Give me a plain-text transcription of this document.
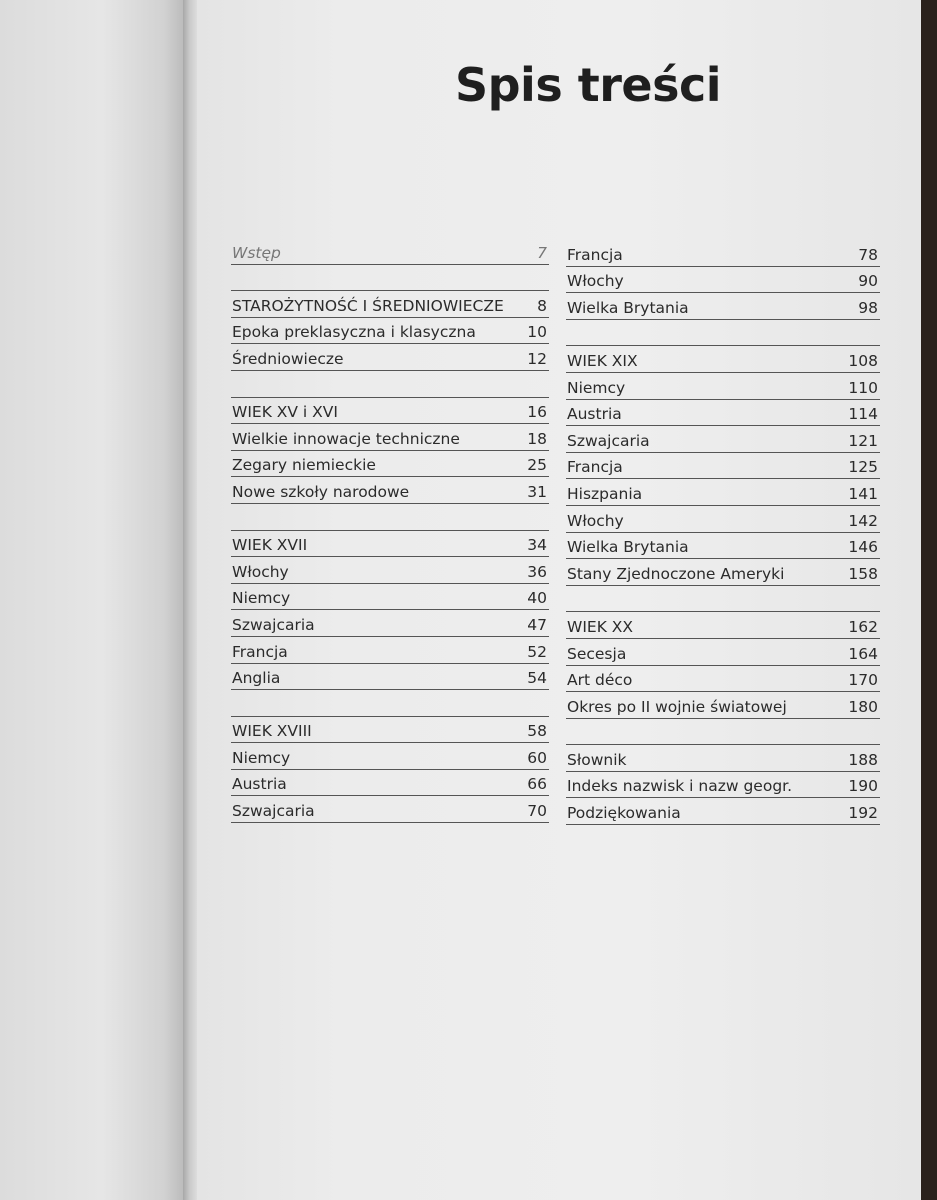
Spis treści
Wstęp	7
STAROŻYTNOŚĆ I ŚREDNIOWIECZE 8
Epoka preklasyczna i klasyczna	10
Średniowiecze	12
WIEK XV i XVI	16
Wielkie innowacje techniczne	18
Zegary niemieckie	25
Nowe szkoły narodowe	31
WIEK XVII	34
Włochy	36
Niemcy	40
Szwajcaria	47
Francja	52
Anglia	54
WIEK XVIII	58
Niemcy	60
Austria	66
Szwajcaria	70
Francja	78
Włochy	90
Wielka Brytania	98
WIEK XIX	108
Niemcy	110
Austria	114
Szwajcaria	121
Francja	125
Hiszpania	141
Włochy	142
Wielka Brytania	146
Stany Zjednoczone Ameryki	158
WIEK XX	162
Secesja	164
Art déco	170
Okres po II wojnie światowej	180
Słownik	188
Indeks nazwisk i nazw geogr.	190
Podziękowania	192
